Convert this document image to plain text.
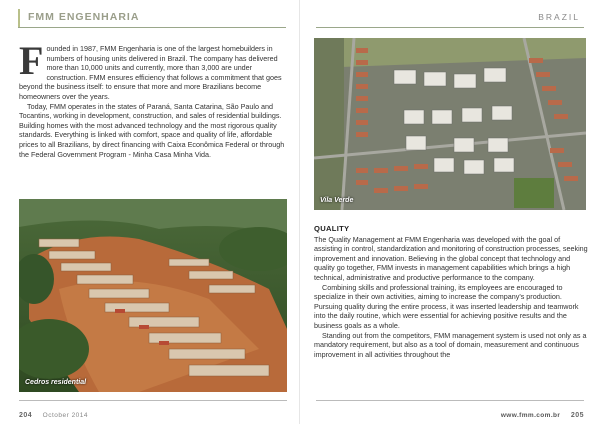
FMM ENGENHARIA
F ounded in 1987, FMM Engenharia is one of the largest homebuilders in numbers of housing units delivered in Brazil. The company has delivered more than 10,000 units and currently, more than 3,000 are under construction. FMM ensures efficiency that follows a commitment that goes beyond the business itself: to ensure that more and more Brazilians become homeowners over the years.

Today, FMM operates in the states of Paraná, Santa Catarina, São Paulo and Tocantins, working in development, construction, and sales of residential buildings. Building homes with the most advanced technology and the most rigorous quality standards. Everything is linked with comfort, space and quality of life, affordable prices to all Brazilians, by direct financing with Caixa Econômica Federal or through the Federal Government Program - Minha Casa Minha Vida.

Cedros residential
204 October 2014
BRAZIL
Vila Verde
QUALITY

The Quality Management at FMM Engenharia was developed with the goal of assisting in control, standardization and monitoring of construction processes, seeking improvement and innovation. Believing in the global concept that technology and quality go together, FMM invests in management capabilities which brings a high technical, administrative and productive performance to the company.

Combining skills and professional training, its employees are encouraged to specialize in their own activities, aiming to increase the company's production. Pursuing quality during the entire process, it was inserted leadership and teamwork into the daily routine, which were essential for achieving positive results and the business goals as a whole.

Standing out from the competitors, FMM management system is used not only as a mandatory requirement, but also as a tool of domain, measurement and continuous improvement in all activities throughout the

www.fmm.com.br 205
